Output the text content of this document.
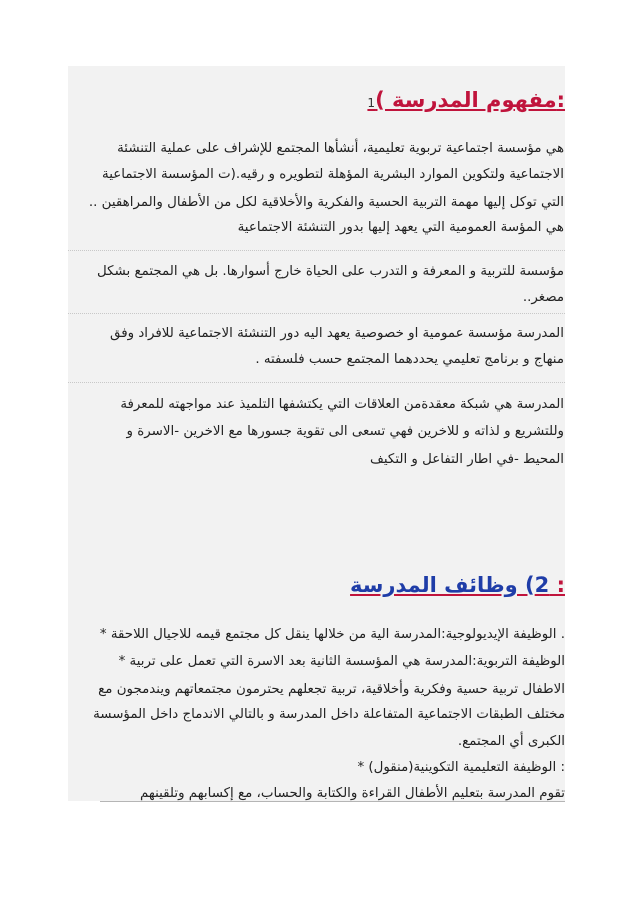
:مفهوم المدرسة )1
هي مؤسسة اجتماعية تربوية تعليمية، أنشأها المجتمع للإشراف على عملية التنشئة
الاجتماعية ولتكوين الموارد البشرية المؤهلة لتطويره و رقيه.(ت المؤسسة الاجتماعية
التي توكل إليها مهمة التربية الحسية والفكرية والأخلاقية لكل من الأطفال والمراهقين ..
هي المؤسة العمومية التي يعهد إليها بدور التنشئة الاجتماعية
مؤسسة للتربية و المعرفة و التدرب على الحياة خارج أسوارها. بل هي المجتمع بشكل
مصغر..
المدرسة مؤسسة عمومية او خصوصية يعهد اليه دور التنشئة الاجتماعية للافراد وفق
منهاج و برنامج تعليمي يحددهما المجتمع حسب فلسفته .
المدرسة هي شبكة معقدةمن العلاقات التي يكتشفها التلميذ عند مواجهته للمعرفة
وللتشريع و لذاته و للاخرين فهي تسعى الى تقوية جسورها مع الاخرين -الاسرة و
المحيط -في اطار التفاعل و التكيف
: 2) وظائف المدرسة
. الوظيفة الإيديولوجية:المدرسة الية من خلالها ينقل كل مجتمع قيمه للاجيال اللاحقة *
الوظيفة التربوية:المدرسة هي المؤسسة الثانية بعد الاسرة التي تعمل على تربية *
الاطفال تربية حسية وفكرية وأخلاقية، تربية تجعلهم يحترمون مجتمعاتهم ويندمجون مع
مختلف الطبقات الاجتماعية المتفاعلة داخل المدرسة و بالتالي الاندماج داخل المؤسسة
الكبرى أي المجتمع.
: الوظيفة التعليمية التكوينية(منقول) *
تقوم المدرسة بتعليم الأطفال القراءة والكتابة والحساب، مع إكسابهم وتلقينهم
